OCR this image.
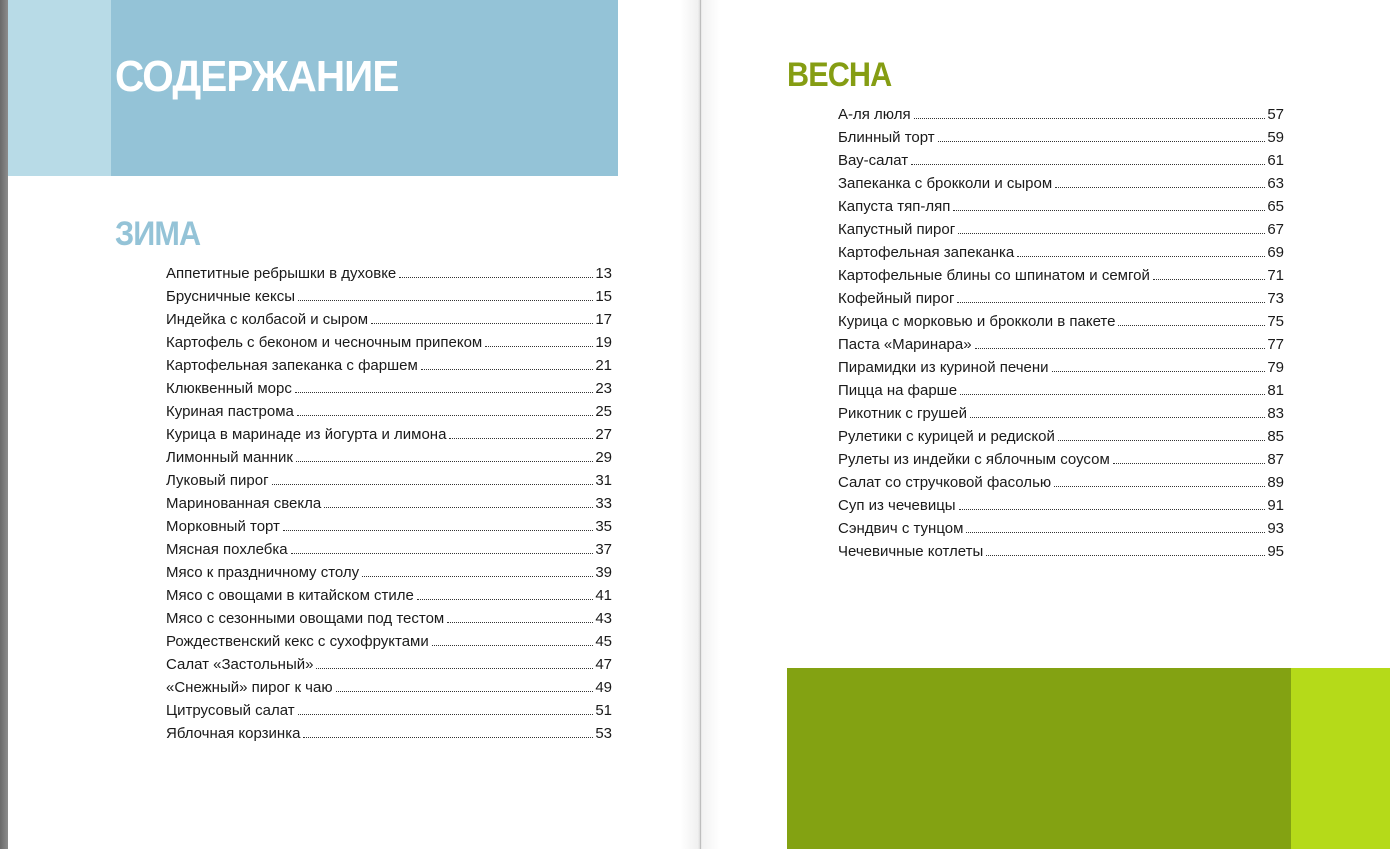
СОДЕРЖАНИЕ
ЗИМА
Аппетитные ребрышки в духовке	13
Брусничные кексы	15
Индейка с колбасой и сыром	17
Картофель с беконом и чесночным припеком	19
Картофельная запеканка с фаршем	21
Клюквенный морс	23
Куриная пастрома	25
Курица в маринаде из йогурта и лимона	27
Лимонный манник	29
Луковый пирог	31
Маринованная свекла	33
Морковный торт	35
Мясная похлебка	37
Мясо к праздничному столу	39
Мясо с овощами в китайском стиле	41
Мясо с сезонными овощами под тестом	43
Рождественский кекс с сухофруктами	45
Салат «Застольный»	47
«Снежный» пирог к чаю	49
Цитрусовый салат	51
Яблочная корзинка	53
ВЕСНА
А-ля люля	57
Блинный торт	59
Вау-салат	61
Запеканка с брокколи и сыром	63
Капуста тяп-ляп	65
Капустный пирог	67
Картофельная запеканка	69
Картофельные блины со шпинатом и семгой	71
Кофейный пирог	73
Курица с морковью и брокколи в пакете	75
Паста «Маринара»	77
Пирамидки из куриной печени	79
Пицца на фарше	81
Рикотник с грушей	83
Рулетики с курицей и редиской	85
Рулеты из индейки с яблочным соусом	87
Салат со стручковой фасолью	89
Суп из чечевицы	91
Сэндвич с тунцом	93
Чечевичные котлеты	95
